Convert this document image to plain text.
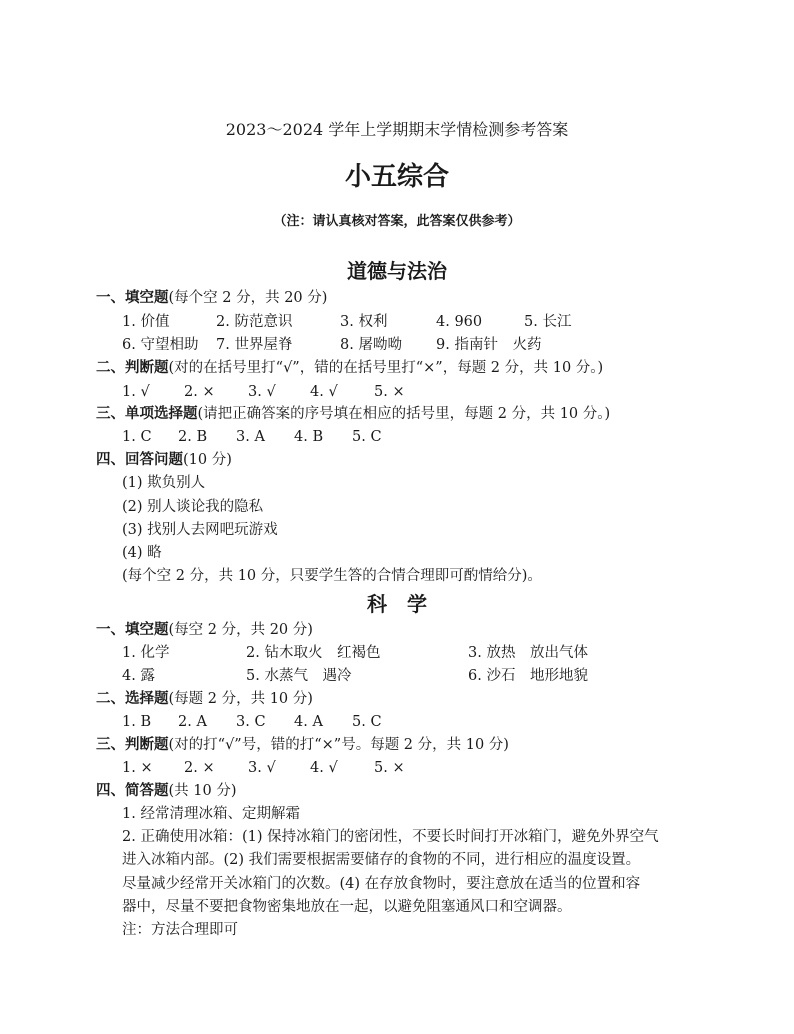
2023～2024 学年上学期期末学情检测参考答案
小五综合
（注：请认真核对答案，此答案仅供参考）
道德与法治
一、填空题(每个空 2 分，共 20 分)
1. 价值	2. 防范意识	3. 权利	4. 960	5. 长江
6. 守望相助 7. 世界屋脊	8. 屠呦呦 9. 指南针　火药
二、判断题(对的在括号里打“√”，错的在括号里打“×”，每题 2 分，共 10 分。)
1. √ 2. × 3. √ 4. √	5. ×
三、单项选择题(请把正确答案的序号填在相应的括号里，每题 2 分，共 10 分。)
1. C 2. B 3. A 4. B 5. C
四、回答问题(10 分)
(1) 欺负别人
(2) 别人谈论我的隐私
(3) 找别人去网吧玩游戏
(4) 略
(每个空 2 分，共 10 分，只要学生答的合情合理即可酌情给分)。
科　学
一、填空题(每空 2 分，共 20 分)
1. 化学	2. 钻木取火　红褐色	3. 放热　放出气体
4. 露	5. 水蒸气　遇冷	6. 沙石　地形地貌
二、选择题(每题 2 分，共 10 分)
1. B 2. A 3. C 4. A 5. C
三、判断题(对的打“√”号，错的打“×”号。每题 2 分，共 10 分)
1. × 2. × 3. √ 4. √	5. ×
四、简答题(共 10 分)
1. 经常清理冰箱、定期解霜
2. 正确使用冰箱：(1) 保持冰箱门的密闭性，不要长时间打开冰箱门，避免外界空气
进入冰箱内部。(2) 我们需要根据需要储存的食物的不同，进行相应的温度设置。
尽量减少经常开关冰箱门的次数。(4) 在存放食物时，要注意放在适当的位置和容
器中，尽量不要把食物密集地放在一起，以避免阻塞通风口和空调器。
注：方法合理即可
